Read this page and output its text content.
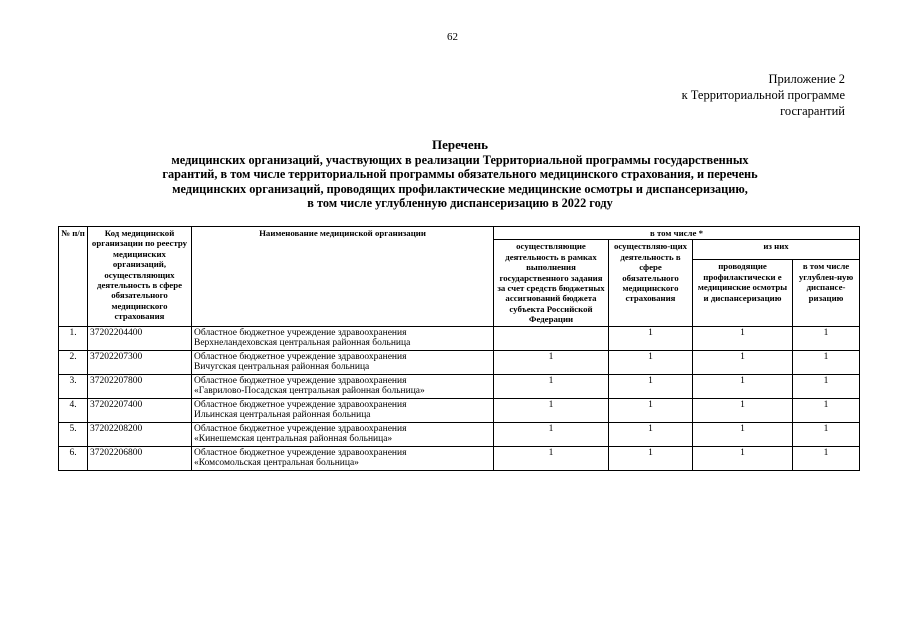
62
Приложение 2
к Территориальной программе
госгарантий
Перечень
медицинских организаций, участвующих в реализации Территориальной программы государственных
гарантий, в том числе территориальной программы обязательного медицинского страхования, и перечень
медицинских организаций, проводящих профилактические медицинские осмотры и диспансеризацию,
в том числе углубленную диспансеризацию в 2022 году
№ п/п	Код медицинской организации по реестру медицинских организаций, осуществляющих деятельность в сфере обязательного медицинского страхования	Наименование медицинской организации	в том числе *			
			осуществляющие деятельность в рамках выполнения государственного задания за счет средств бюджетных ассигнований бюджета субъекта Российской Федерации	осуществляю-щих деятельность в сфере обязательного медицинского страхования	из них	
					проводящие профилактически е медицинские осмотры и диспансеризацию	в том числе углублен-ную диспансе-ризацию
1.	37202204400	Областное бюджетное учреждение здравоохранения
Верхнеландеховская центральная районная больница		1	1	1
2.	37202207300	Областное бюджетное учреждение здравоохранения
Вичугская центральная районная больница	1	1	1	1
3.	37202207800	Областное бюджетное учреждение здравоохранения
«Гаврилово-Посадская центральная районная больница»	1	1	1	1
4.	37202207400	Областное бюджетное учреждение здравоохранения
Ильинская центральная районная больница	1	1	1	1
5.	37202208200	Областное бюджетное учреждение здравоохранения
«Кинешемская центральная районная больница»	1	1	1	1
6.	37202206800	Областное бюджетное учреждение здравоохранения
«Комсомольская центральная больница»	1	1	1	1
